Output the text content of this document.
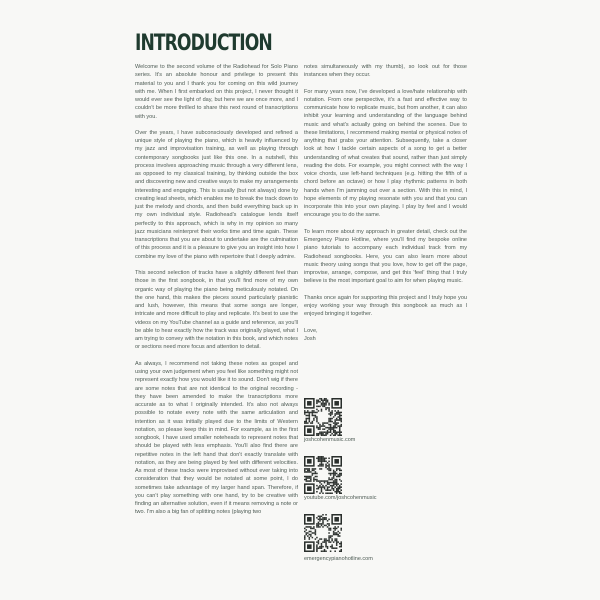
INTRODUCTION

Welcome to the second volume of the Radiohead for Solo Piano series. It's an absolute honour and privilege to present this material to you and I thank you for coming on this wild journey with me. When I first embarked on this project, I never thought it would ever see the light of day, but here we are once more, and I couldn't be more thrilled to share this next round of transcriptions with you.

Over the years, I have subconsciously developed and refined a unique style of playing the piano, which is heavily influenced by my jazz and improvisation training, as well as playing through contemporary songbooks just like this one. In a nutshell, this process involves approaching music through a very different lens, as opposed to my classical training, by thinking outside the box and discovering new and creative ways to make my arrangements interesting and engaging. This is usually (but not always) done by creating lead sheets, which enables me to break the track down to just the melody and chords, and then build everything back up in my own individual style. Radiohead's catalogue lends itself perfectly to this approach, which is why in my opinion so many jazz musicians reinterpret their works time and time again. These transcriptions that you are about to undertake are the culmination of this process and it is a pleasure to give you an insight into how I combine my love of the piano with repertoire that I deeply admire.

This second selection of tracks have a slightly different feel than those in the first songbook, in that you'll find more of my own organic way of playing the piano being meticulously notated. On the one hand, this makes the pieces sound particularly pianistic and lush, however, this means that some songs are longer, intricate and more difficult to play and replicate. It's best to use the videos on my YouTube channel as a guide and reference, as you'll be able to hear exactly how the track was originally played, what I am trying to convey with the notation in this book, and which notes or sections need more focus and attention to detail.

As always, I recommend not taking these notes as gospel and using your own judgement when you feel like something might not represent exactly how you would like it to sound. Don't wig if there are some notes that are not identical to the original recording - they have been amended to make the transcriptions more accurate as to what I originally intended. It's also not always possible to notate every note with the same articulation and intention as it was initially played due to the limits of Western notation, so please keep this in mind. For example, as in the first songbook, I have used smaller noteheads to represent notes that should be played with less emphasis. You'll also find there are repetitive notes in the left hand that don't exactly translate with notation, as they are being played by feel with different velocities. As most of these tracks were improvised without ever taking into consideration that they would be notated at some point, I do sometimes take advantage of my larger hand span. Therefore, if you can't play something with one hand, try to be creative with finding an alternative solution, even if it means removing a note or two. I'm also a big fan of splitting notes (playing two

notes simultaneously with my thumb), so look out for those instances when they occur.

For many years now, I've developed a love/hate relationship with notation. From one perspective, it's a fast and effective way to communicate how to replicate music, but from another, it can also inhibit your learning and understanding of the language behind music and what's actually going on behind the scenes. Due to these limitations, I recommend making mental or physical notes of anything that grabs your attention. Subsequently, take a closer look at how I tackle certain aspects of a song to get a better understanding of what creates that sound, rather than just simply reading the dots. For example, you might connect with the way I voice chords, use left-hand techniques (e.g. hitting the fifth of a chord before an octave) or how I play rhythmic patterns in both hands when I'm jamming out over a section. With this in mind, I hope elements of my playing resonate with you and that you can incorporate this into your own playing. I play by feel and I would encourage you to do the same.

To learn more about my approach in greater detail, check out the Emergency Piano Hotline, where you'll find my bespoke online piano tutorials to accompany each individual track from my Radiohead songbooks. Here, you can also learn more about music theory using songs that you love, how to get off the page, improvise, arrange, compose, and get this 'feel' thing that I truly believe is the most important goal to aim for when playing music.

Thanks once again for supporting this project and I truly hope you enjoy working your way through this songbook as much as I enjoyed bringing it together.

Love,
Josh
joshcohenmusic.com
youtube.com/joshcohenmusic
emergencypianohotline.com
